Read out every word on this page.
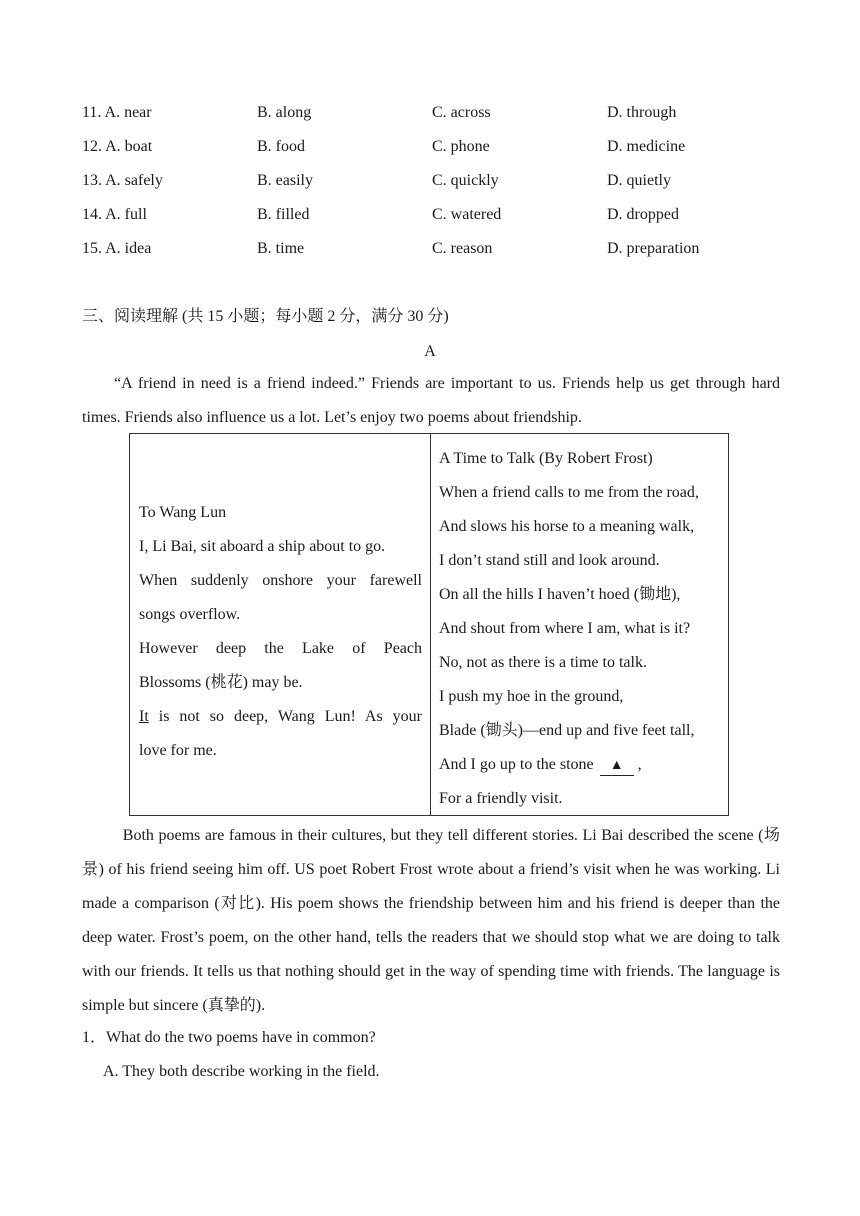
11. A. near	B. along	C. across	D. through
12. A. boat	B. food	C. phone	D. medicine
13. A. safely	B. easily	C. quickly	D. quietly
14. A. full	B. filled	C. watered	D. dropped
15. A. idea	B. time	C. reason	D. preparation
三、阅读理解 (共 15 小题；每小题 2 分，满分 30 分)
A
“A friend in need is a friend indeed.” Friends are important to us. Friends help us get through hard times. Friends also influence us a lot. Let’s enjoy two poems about friendship.
To Wang Lun
I, Li Bai, sit aboard a ship about to go.
When suddenly onshore your farewell
songs overflow.
However deep the Lake of Peach
Blossoms (桃花) may be.
It is not so deep, Wang Lun! As your
love for me.
A Time to Talk (By Robert Frost)
When a friend calls to me from the road,
And slows his horse to a meaning walk,
I don’t stand still and look around.
On all the hills I haven’t hoed (锄地),
And shout from where I am, what is it?
No, not as there is a time to talk.
I push my hoe in the ground,
Blade (锄头)—end up and five feet tall,
And I go up to the stone ▲ ,
For a friendly visit.
Both poems are famous in their cultures, but they tell different stories. Li Bai described the scene (场景) of his friend seeing him off. US poet Robert Frost wrote about a friend’s visit when he was working. Li made a comparison (对比). His poem shows the friendship between him and his friend is deeper than the deep water. Frost’s poem, on the other hand, tells the readers that we should stop what we are doing to talk with our friends. It tells us that nothing should get in the way of spending time with friends. The language is simple but sincere (真挚的).
1．What do the two poems have in common?
A. They both describe working in the field.
